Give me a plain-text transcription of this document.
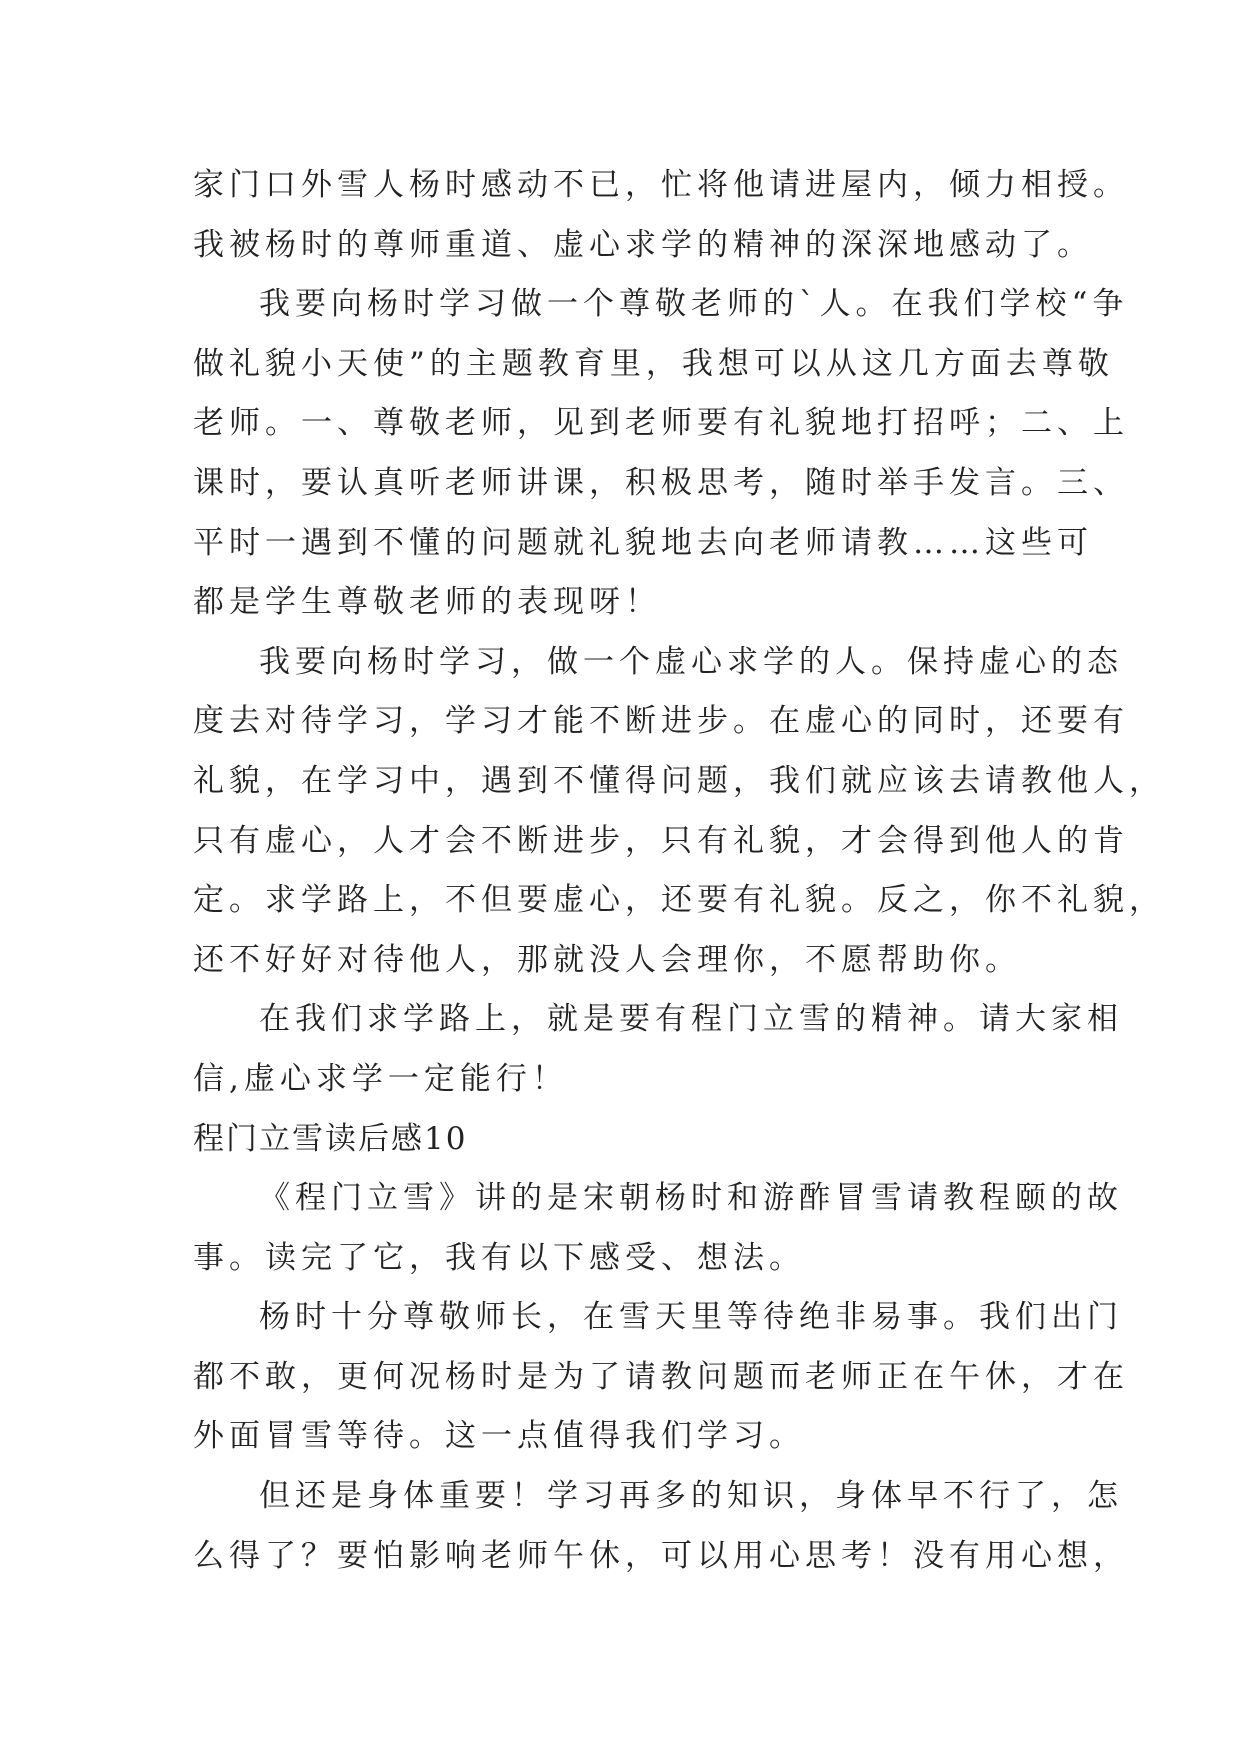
家门口外雪人杨时感动不已，忙将他请进屋内，倾力相授。
我被杨时的尊师重道、虚心求学的精神的深深地感动了。
我要向杨时学习做一个尊敬老师的`人。在我们学校“争
做礼貌小天使”的主题教育里，我想可以从这几方面去尊敬
老师。一、尊敬老师，见到老师要有礼貌地打招呼；二、上
课时，要认真听老师讲课，积极思考，随时举手发言。三、
平时一遇到不懂的问题就礼貌地去向老师请教……这些可
都是学生尊敬老师的表现呀！
我要向杨时学习，做一个虚心求学的人。保持虚心的态
度去对待学习，学习才能不断进步。在虚心的同时，还要有
礼貌，在学习中，遇到不懂得问题，我们就应该去请教他人，
只有虚心，人才会不断进步，只有礼貌，才会得到他人的肯
定。求学路上，不但要虚心，还要有礼貌。反之，你不礼貌，
还不好好对待他人，那就没人会理你，不愿帮助你。
在我们求学路上，就是要有程门立雪的精神。请大家相
信,虚心求学一定能行！
程门立雪读后感10
《程门立雪》讲的是宋朝杨时和游酢冒雪请教程颐的故
事。读完了它，我有以下感受、想法。
杨时十分尊敬师长，在雪天里等待绝非易事。我们出门
都不敢，更何况杨时是为了请教问题而老师正在午休，才在
外面冒雪等待。这一点值得我们学习。
但还是身体重要！学习再多的知识，身体早不行了，怎
么得了？要怕影响老师午休，可以用心思考！没有用心想，
